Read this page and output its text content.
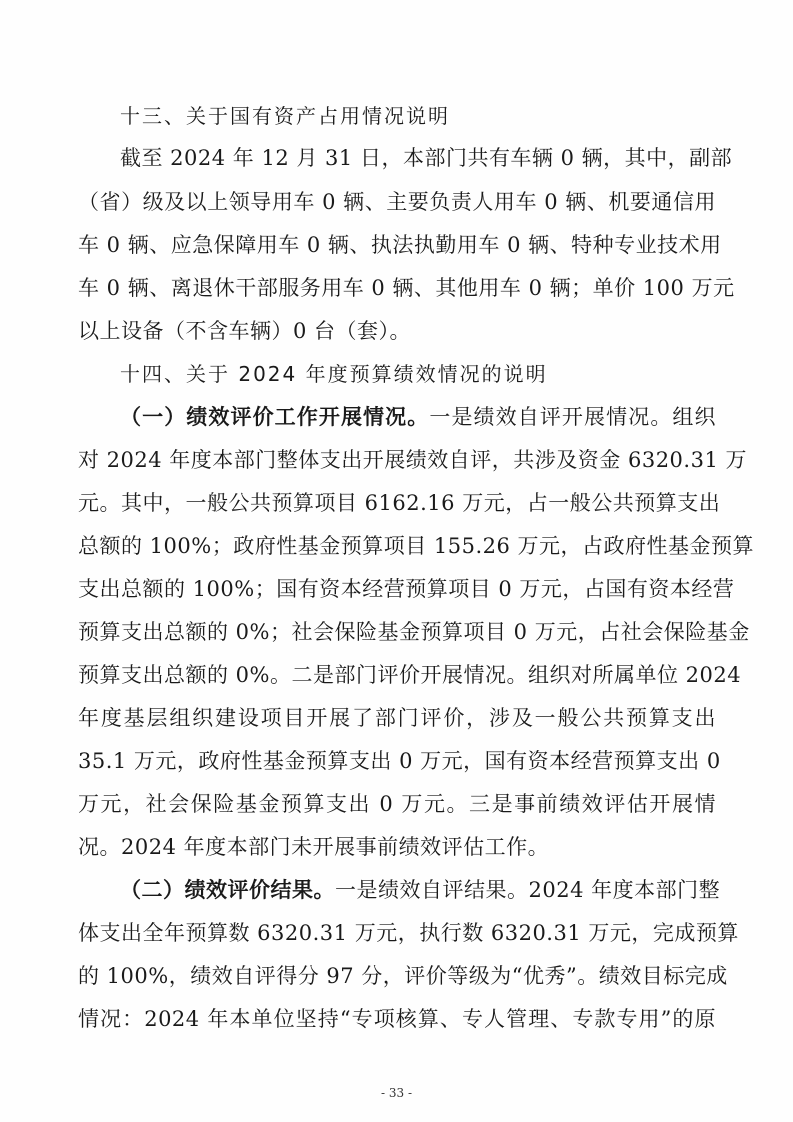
十三、关于国有资产占用情况说明
截至 2024 年 12 月 31 日，本部门共有车辆 0 辆，其中，副部
（省）级及以上领导用车 0 辆、主要负责人用车 0 辆、机要通信用
车 0 辆、应急保障用车 0 辆、执法执勤用车 0 辆、特种专业技术用
车 0 辆、离退休干部服务用车 0 辆、其他用车 0 辆；单价 100 万元
以上设备（不含车辆）0 台（套）。
十四、关于 2024 年度预算绩效情况的说明
（一）绩效评价工作开展情况。一是绩效自评开展情况。组织
对 2024 年度本部门整体支出开展绩效自评，共涉及资金 6320.31 万
元。其中，一般公共预算项目 6162.16 万元，占一般公共预算支出
总额的 100%；政府性基金预算项目 155.26 万元，占政府性基金预算
支出总额的 100%；国有资本经营预算项目 0 万元，占国有资本经营
预算支出总额的 0%；社会保险基金预算项目 0 万元，占社会保险基金
预算支出总额的 0%。二是部门评价开展情况。组织对所属单位 2024
年度基层组织建设项目开展了部门评价，涉及一般公共预算支出
35.1 万元，政府性基金预算支出 0 万元，国有资本经营预算支出 0
万元，社会保险基金预算支出 0 万元。三是事前绩效评估开展情
况。2024 年度本部门未开展事前绩效评估工作。
（二）绩效评价结果。一是绩效自评结果。2024 年度本部门整
体支出全年预算数 6320.31 万元，执行数 6320.31 万元，完成预算
的 100%，绩效自评得分 97 分，评价等级为“优秀”。绩效目标完成
情况：2024 年本单位坚持“专项核算、专人管理、专款专用”的原
- 33 -
